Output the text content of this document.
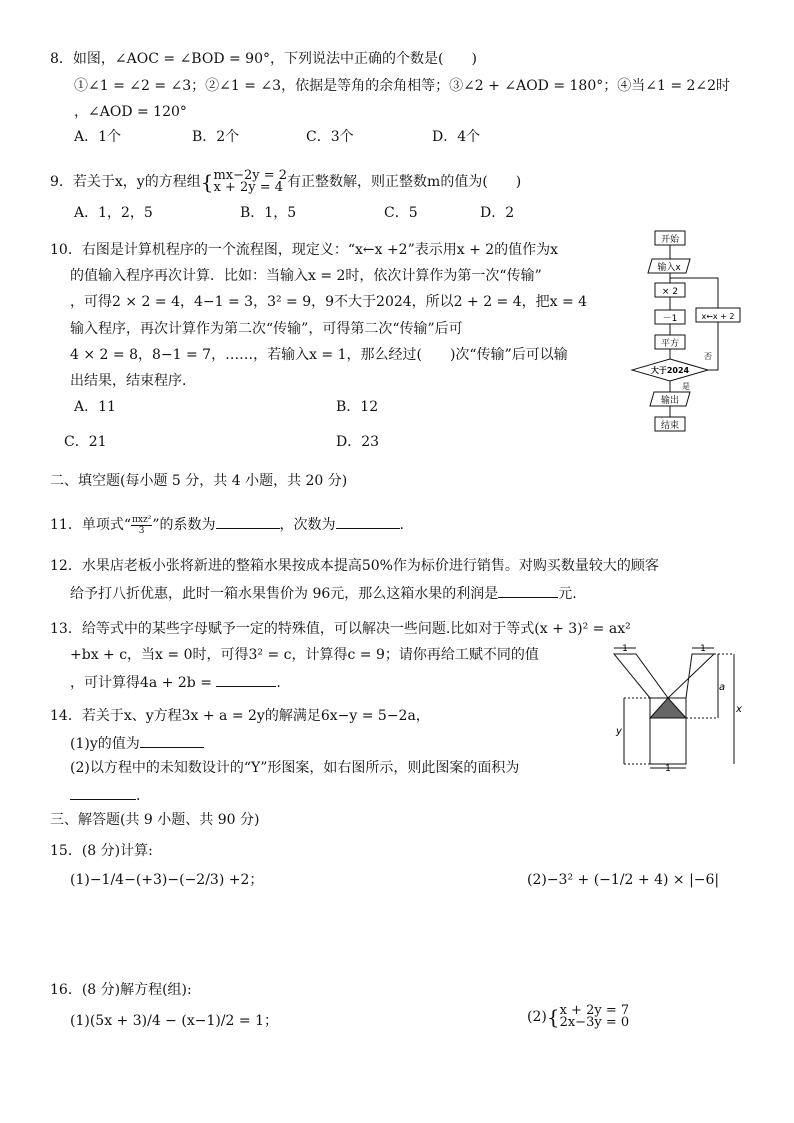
8．如图，∠AOC = ∠BOD = 90°，下列说法中正确的个数是(　　)
①∠1 = ∠2 = ∠3；②∠1 = ∠3，依据是等角的余角相等；③∠2 + ∠AOD = 180°；④当∠1 = 2∠2时
，∠AOD = 120°
A．1个	B．2个	C．3个	D．4个
9．若关于x，y的方程组{ mx−2y = 2
x + 2y = 4 有正整数解，则正整数m的值为(　　)
A．1，2，5	B．1，5	C．5	D．2
10．右图是计算机程序的一个流程图，现定义：“x←x +2”表示用x + 2的值作为x
的值输入程序再次计算．比如：当输入x = 2时，依次计算作为第一次“传输”
，可得2 × 2 = 4，4−1 = 3，3² = 9，9不大于2024，所以2 + 2 = 4，把x = 4
输入程序，再次计算作为第二次“传输”，可得第二次“传输”后可
4 × 2 = 8，8−1 = 7，……，若输入x = 1，那么经过(　　)次“传输”后可以输
出结果，结束程序．
A．11	B．12
C．21	D．23
开始
输入x
× 2
－1
平方
大于2024
是
否
x←x + 2
输出
结束
二、填空题(每小题 5 分，共 4 小题，共 20 分)
11．单项式“ $\frac{\text{πxz²}}{3}$ ”的系数为	，次数为	.
12．水果店老板小张将新进的整箱水果按成本提高50%作为标价进行销售。对购买数量较大的顾客
给予打八折优惠，此时一箱水果售价为 96元，那么这箱水果的利润是	元.
13．给等式中的某些字母赋予一定的特殊值，可以解决一些问题.比如对于等式(x + 3)² = ax²
+bx + c，当x = 0时，可得3² = c，计算得c = 9；请你再给工赋不同的值
，可计算得4a + 2b =	.
14．若关于x、y方程3x + a = 2y的解满足6x−y = 5−2a，
(1)y的值为
(2)以方程中的未知数设计的“Y”形图案，如右图所示，则此图案的面积为
.
1	1
1
a
x
y
三、解答题(共 9 小题、共 90 分)
15．(8 分)计算:
(1)−1/4−(+3)−(−2/3) +2；	(2)−3² + (−1/2 + 4) × |−6|
16．(8 分)解方程(组):
(1)(5x + 3)/4 − (x−1)/2 = 1；	(2){ x + 2y = 7
2x−3y = 0
